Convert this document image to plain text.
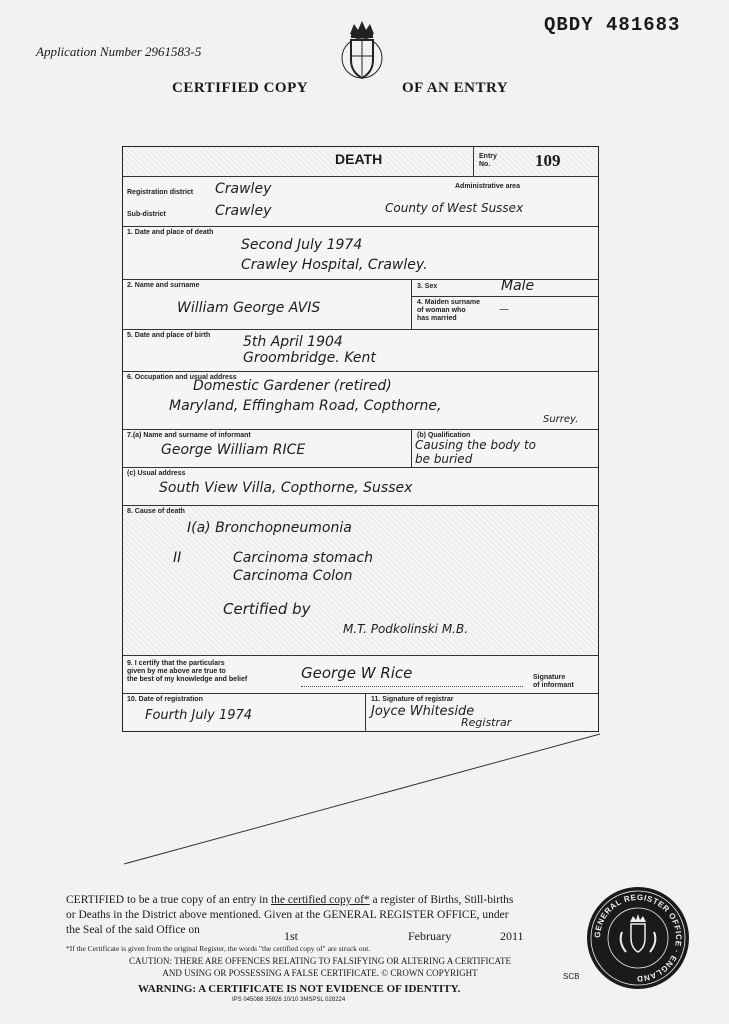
QBDY 481683
Application Number 2961583-5
CERTIFIED COPY	OF AN ENTRY
DEATH	Entry
No.	109
Registration district Crawley
Sub-district	Crawley
Administrative area
County of West Sussex
1. Date and place of death
Second July 1974
Crawley Hospital, Crawley.
2. Name and surname
William George AVIS
3. Sex	Male
4. Maiden surname
of woman who
has married
—
5. Date and place of birth 5th April 1904
Groombridge. Kent
6. Occupation and usual address
Domestic Gardener (retired)
Maryland, Effingham Road, Copthorne,
Surrey.
7.(a) Name and surname of informant
George William RICE
(b) Qualification
Causing the body to
be buried
(c) Usual address
South View Villa, Copthorne, Sussex
8. Cause of death
I(a) Bronchopneumonia
II	Carcinoma stomach
Carcinoma Colon
Certified by
M.T. Podkolinski M.B.
9. I certify that the particulars
given by me above are true to
the best of my knowledge and belief	George W Rice	Signature
of informant
10. Date of registration
Fourth July 1974
11. Signature of registrar
Joyce Whiteside
Registrar
CERTIFIED to be a true copy of an entry in the certified copy of* a register of Births, Still-births
or Deaths in the District above mentioned. Given at the GENERAL REGISTER OFFICE, under
the Seal of the said Office on	1st	February	2011
*If the Certificate is given from the original Register, the words "the certified copy of" are struck out.
CAUTION: THERE ARE OFFENCES RELATING TO FALSIFYING OR ALTERING A CERTIFICATE
AND USING OR POSSESSING A FALSE CERTIFICATE. © CROWN COPYRIGHT
WARNING: A CERTIFICATE IS NOT EVIDENCE OF IDENTITY.
IPS 045088 35926 10/10 3MSPSL 028224
SCB
GENERAL REGISTER OFFICE · ENGLAND
